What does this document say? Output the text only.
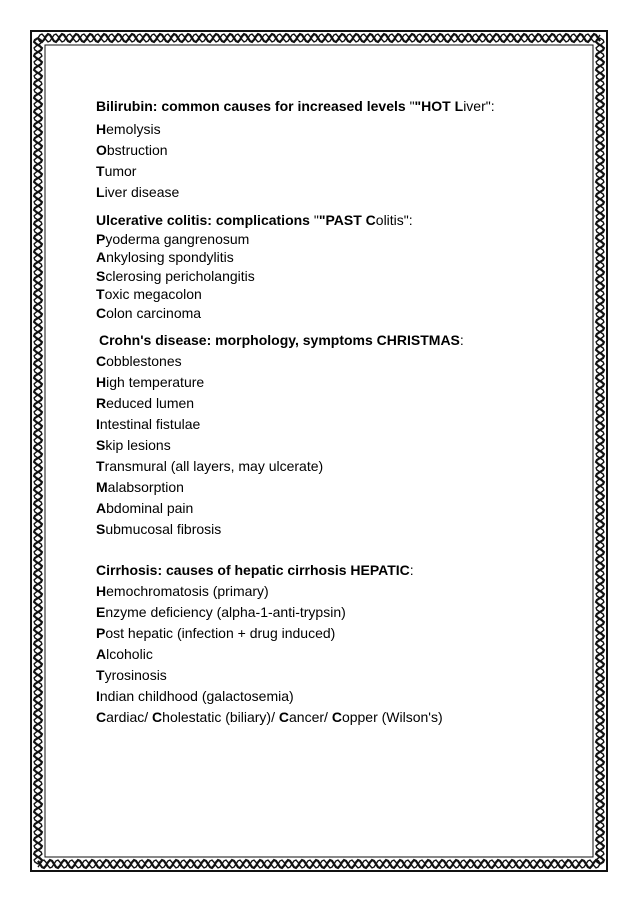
Bilirubin: common causes for increased levels ""HOT Liver":

Hemolysis

Obstruction

Tumor

Liver disease

Ulcerative colitis: complications ""PAST Colitis":

Pyoderma gangrenosum

Ankylosing spondylitis

Sclerosing pericholangitis

Toxic megacolon

Colon carcinoma

Crohn's disease: morphology, symptoms CHRISTMAS:

Cobblestones

High temperature

Reduced lumen

Intestinal fistulae

Skip lesions

Transmural (all layers, may ulcerate)

Malabsorption

Abdominal pain

Submucosal fibrosis

Cirrhosis: causes of hepatic cirrhosis HEPATIC:

Hemochromatosis (primary)

Enzyme deficiency (alpha-1-anti-trypsin)

Post hepatic (infection + drug induced)

Alcoholic

Tyrosinosis

Indian childhood (galactosemia)

Cardiac/ Cholestatic (biliary)/ Cancer/ Copper (Wilson's)
